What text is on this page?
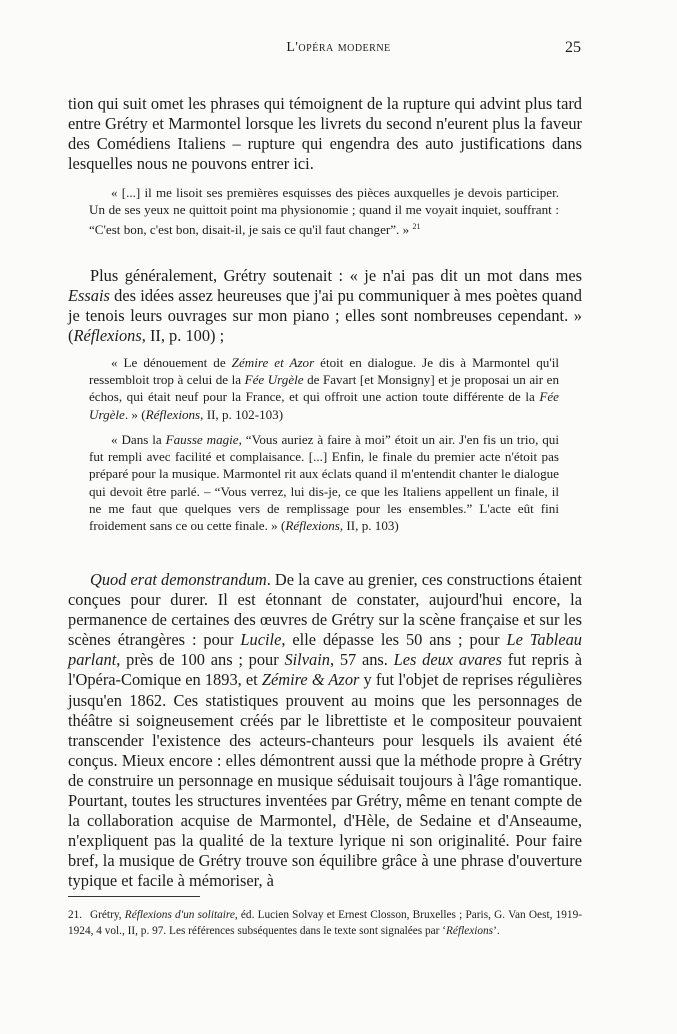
L'opéra moderne	25

tion qui suit omet les phrases qui témoignent de la rupture qui advint plus tard entre Grétry et Marmontel lorsque les livrets du second n'eurent plus la faveur des Comédiens Italiens – rupture qui engendra des auto justifications dans lesquelles nous ne pouvons entrer ici.

« [...] il me lisoit ses premières esquisses des pièces auxquelles je devois participer. Un de ses yeux ne quittoit point ma physionomie ; quand il me voyait inquiet, souffrant : “C'est bon, c'est bon, disait-il, je sais ce qu'il faut changer”. » $^{21}$

Plus généralement, Grétry soutenait : « je n'ai pas dit un mot dans mes Essais des idées assez heureuses que j'ai pu communiquer à mes poètes quand je tenois leurs ouvrages sur mon piano ; elles sont nombreuses cependant. » (Réflexions, II, p. 100) ;

« Le dénouement de Zémire et Azor étoit en dialogue. Je dis à Marmontel qu'il ressembloit trop à celui de la Fée Urgèle de Favart [et Monsigny] et je proposai un air en échos, qui était neuf pour la France, et qui offroit une action toute différente de la Fée Urgèle. » (Réflexions, II, p. 102-103)

« Dans la Fausse magie, “Vous auriez à faire à moi” étoit un air. J'en fis un trio, qui fut rempli avec facilité et complaisance. [...] Enfin, le finale du premier acte n'étoit pas préparé pour la musique. Marmontel rit aux éclats quand il m'entendit chanter le dialogue qui devoit être parlé. – “Vous verrez, lui dis-je, ce que les Italiens appellent un finale, il ne me faut que quelques vers de remplissage pour les ensembles.” L'acte eût fini froidement sans ce ou cette finale. » (Réflexions, II, p. 103)

Quod erat demonstrandum. De la cave au grenier, ces constructions étaient conçues pour durer. Il est étonnant de constater, aujourd'hui encore, la permanence de certaines des œuvres de Grétry sur la scène française et sur les scènes étrangères : pour Lucile, elle dépasse les 50 ans ; pour Le Tableau parlant, près de 100 ans ; pour Silvain, 57 ans. Les deux avares fut repris à l'Opéra-Comique en 1893, et Zémire & Azor y fut l'objet de reprises régulières jusqu'en 1862. Ces statistiques prouvent au moins que les personnages de théâtre si soigneusement créés par le librettiste et le compositeur pouvaient transcender l'existence des acteurs-chanteurs pour lesquels ils avaient été conçus. Mieux encore : elles démontrent aussi que la méthode propre à Grétry de construire un personnage en musique séduisait toujours à l'âge romantique. Pourtant, toutes les structures inventées par Grétry, même en tenant compte de la collaboration acquise de Marmontel, d'Hèle, de Sedaine et d'Anseaume, n'expliquent pas la qualité de la texture lyrique ni son originalité. Pour faire bref, la musique de Grétry trouve son équilibre grâce à une phrase d'ouverture typique et facile à mémoriser, à

21. Grétry, Réflexions d'un solitaire, éd. Lucien Solvay et Ernest Closson, Bruxelles ; Paris, G. Van Oest, 1919-1924, 4 vol., II, p. 97. Les références subséquentes dans le texte sont signalées par ‘Réflexions’.
